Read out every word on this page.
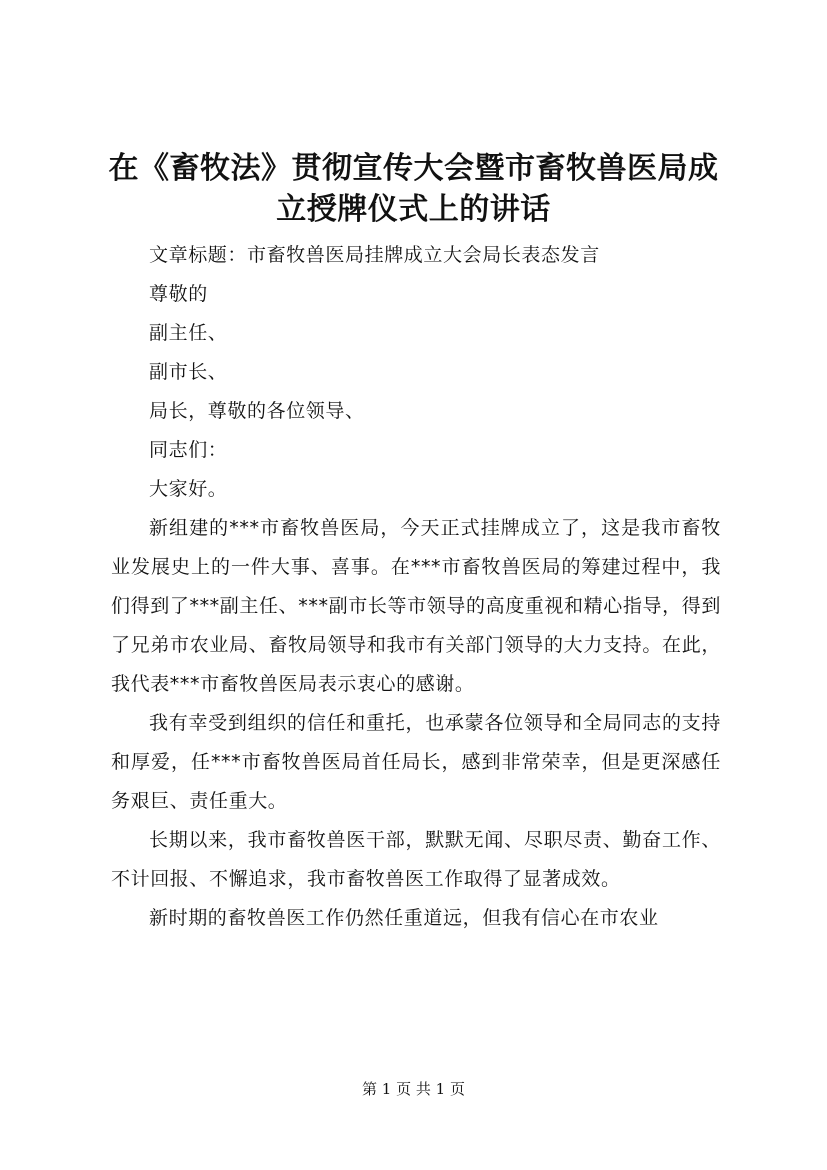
在《畜牧法》贯彻宣传大会暨市畜牧兽医局成
立授牌仪式上的讲话

文章标题：市畜牧兽医局挂牌成立大会局长表态发言

尊敬的

副主任、

副市长、

局长，尊敬的各位领导、

同志们：

大家好。

新组建的***市畜牧兽医局，今天正式挂牌成立了，这是我市畜牧业发展史上的一件大事、喜事。在***市畜牧兽医局的筹建过程中，我们得到了***副主任、***副市长等市领导的高度重视和精心指导，得到了兄弟市农业局、畜牧局领导和我市有关部门领导的大力支持。在此，我代表***市畜牧兽医局表示衷心的感谢。

我有幸受到组织的信任和重托，也承蒙各位领导和全局同志的支持和厚爱，任***市畜牧兽医局首任局长，感到非常荣幸，但是更深感任务艰巨、责任重大。

长期以来，我市畜牧兽医干部，默默无闻、尽职尽责、勤奋工作、不计回报、不懈追求，我市畜牧兽医工作取得了显著成效。

新时期的畜牧兽医工作仍然任重道远，但我有信心在市农业

第 1 页 共 1 页
